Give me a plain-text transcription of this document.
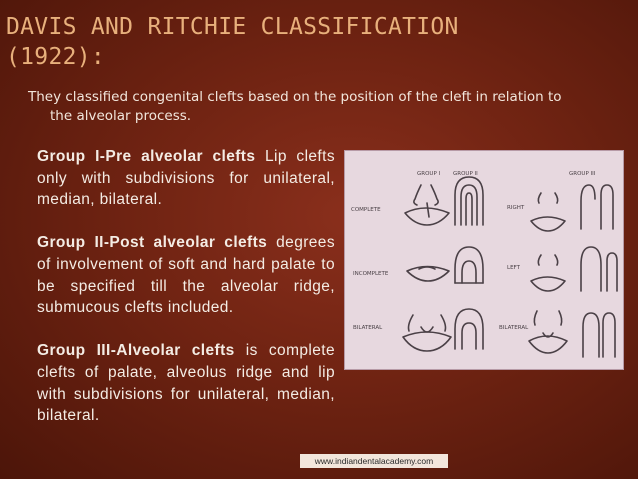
DAVIS AND RITCHIE CLASSIFICATION
(1922):

They classified congenital clefts based on the position of the cleft in relation to
the alveolar process.

Group I-Pre alveolar clefts Lip clefts only with subdivisions for unilateral, median, bilateral.
Group II-Post alveolar clefts degrees of involvement of soft and hard palate to be specified till the alveolar ridge, submucous clefts included.
Group III-Alveolar clefts is complete clefts of palate, alveolus ridge and lip with subdivisions for unilateral, median, bilateral.
GROUP I GROUP II	GROUP III
COMPLETE
INCOMPLETE
BILATERAL
RIGHT
LEFT
BILATERAL
www.indiandentalacademy.com
